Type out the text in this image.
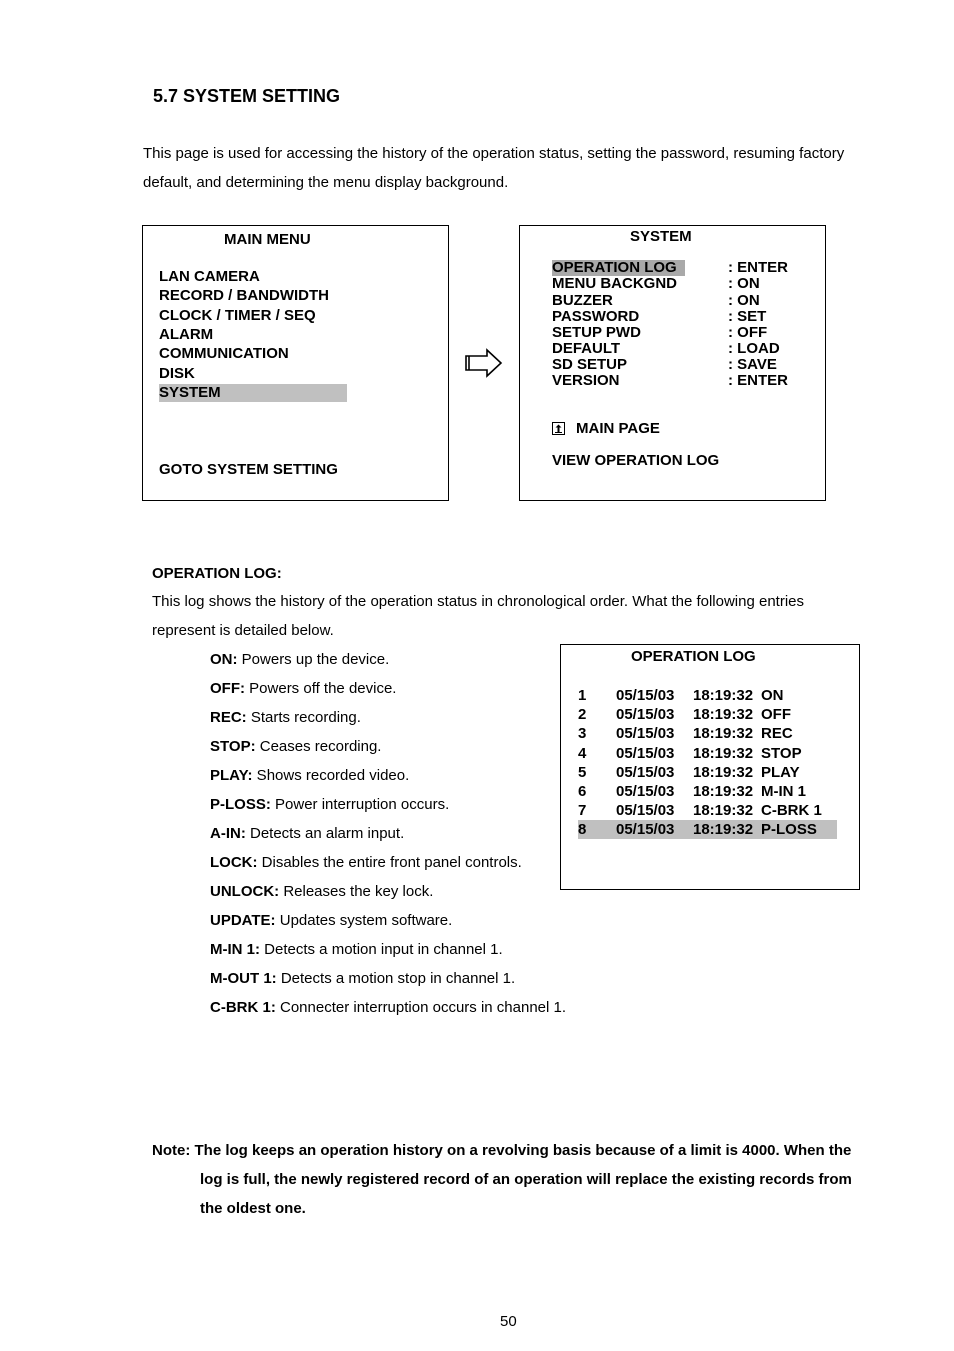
5.7 SYSTEM SETTING
This page is used for accessing the history of the operation status, setting the password, resuming factory
default, and determining the menu display background.
MAIN MENU
LAN CAMERA
RECORD / BANDWIDTH
CLOCK / TIMER / SEQ
ALARM
COMMUNICATION
DISK
SYSTEM
GOTO SYSTEM SETTING
SYSTEM
OPERATION LOG	: ENTER
MENU BACKGND	: ON
BUZZER	: ON
PASSWORD	: SET
SETUP PWD	: OFF
DEFAULT	: LOAD
SD SETUP	: SAVE
VERSION	: ENTER
MAIN PAGE
VIEW OPERATION LOG
OPERATION LOG:
This log shows the history of the operation status in chronological order. What the following entries
represent is detailed below.
ON: Powers up the device.
OFF: Powers off the device.
REC: Starts recording.
STOP: Ceases recording.
PLAY: Shows recorded video.
P-LOSS: Power interruption occurs.
A-IN: Detects an alarm input.
LOCK: Disables the entire front panel controls.
UNLOCK: Releases the key lock.
UPDATE: Updates system software.
M-IN 1: Detects a motion input in channel 1.
M-OUT 1: Detects a motion stop in channel 1.
C-BRK 1: Connecter interruption occurs in channel 1.
OPERATION LOG
1 05/15/03 18:19:32 ON
2 05/15/03 18:19:32 OFF
3 05/15/03 18:19:32 REC
4 05/15/03 18:19:32 STOP
5 05/15/03 18:19:32 PLAY
6 05/15/03 18:19:32 M-IN 1
7 05/15/03 18:19:32 C-BRK 1
8 05/15/03 18:19:32 P-LOSS
Note: The log keeps an operation history on a revolving basis because of a limit is 4000. When the
log is full, the newly registered record of an operation will replace the existing records from
the oldest one.
50
